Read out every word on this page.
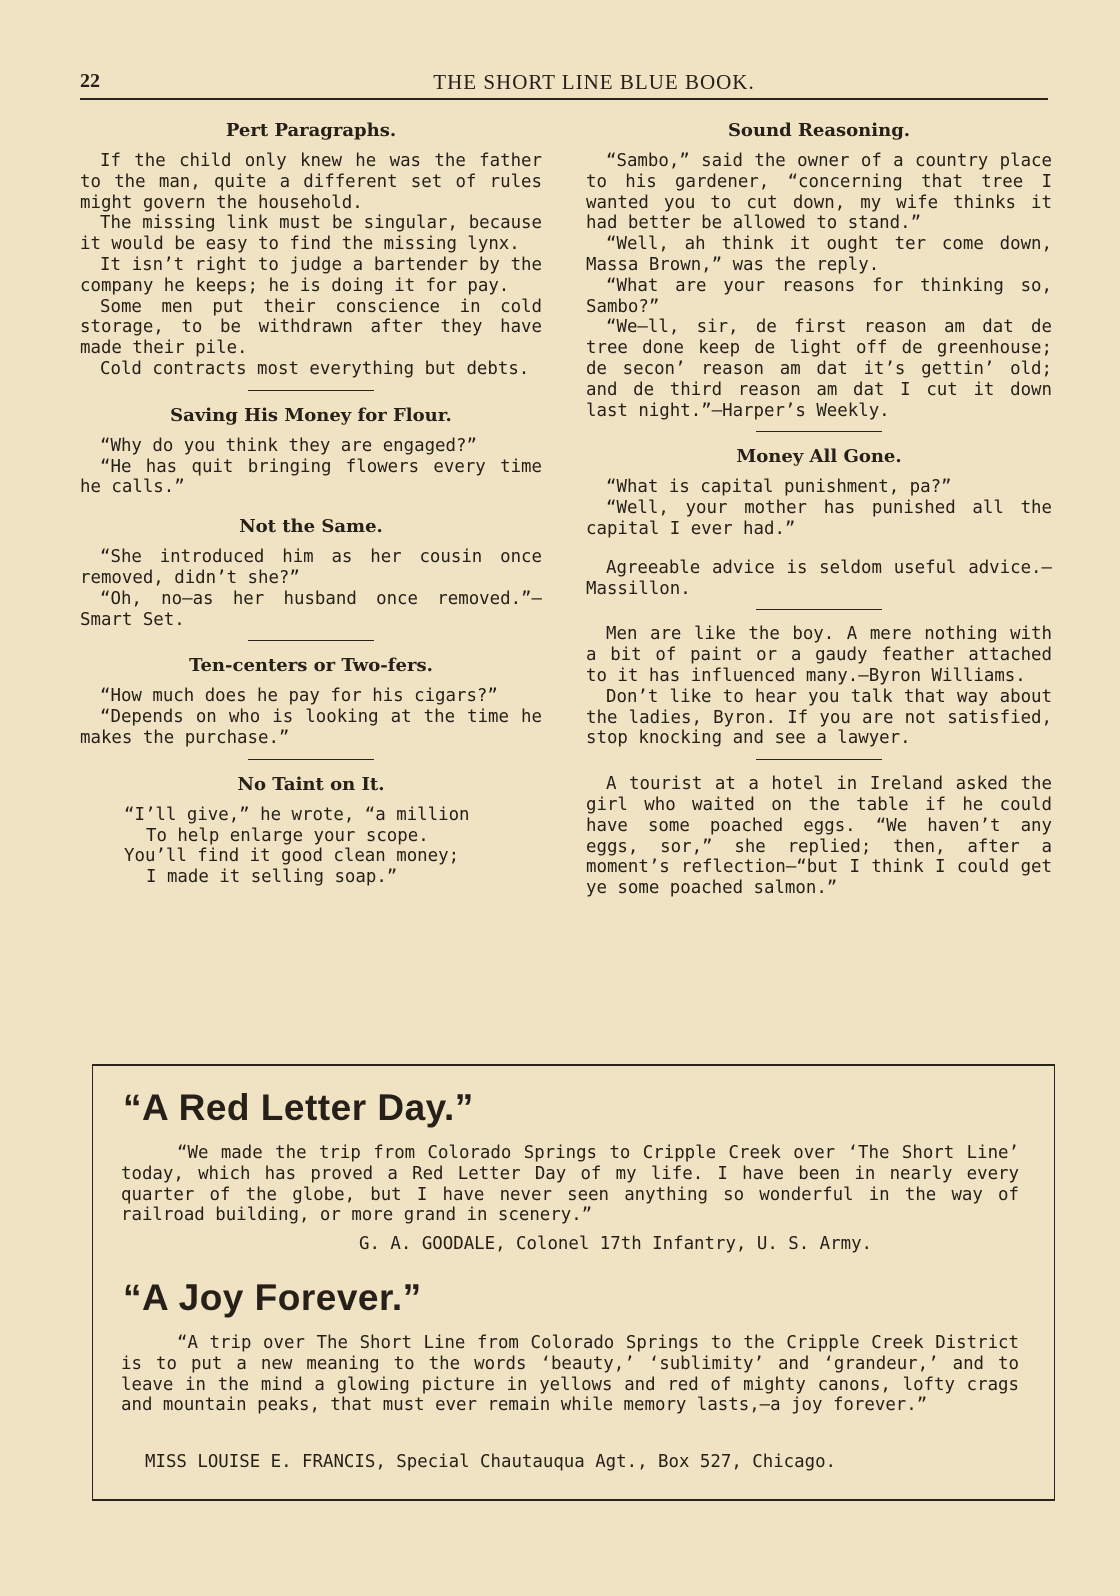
22	THE SHORT LINE BLUE BOOK.
Pert Paragraphs.

If the child only knew he was the father to the man, quite a different set of rules might govern the household.

The missing link must be singular, because it would be easy to find the missing lynx.

It isn’t right to judge a bartender by the company he keeps; he is doing it for pay.

Some men put their conscience in cold storage, to be withdrawn after they have made their pile.

Cold contracts most everything but debts.

Saving His Money for Flour.

“Why do you think they are engaged?”

“He has quit bringing flowers every time he calls.”

Not the Same.

“She introduced him as her cousin once removed, didn’t she?”

“Oh, no—as her husband once removed.”—Smart Set.

Ten-centers or Two-fers.

“How much does he pay for his cigars?”

“Depends on who is looking at the time he makes the purchase.”

No Taint on It.

“I’ll give,” he wrote, “a million
To help enlarge your scope.
You’ll find it good clean money;
I made it selling soap.”

Sound Reasoning.

“Sambo,” said the owner of a country place to his gardener, “concerning that tree I wanted you to cut down, my wife thinks it had better be allowed to stand.”

“Well, ah think it ought ter come down, Massa Brown,” was the reply.

“What are your reasons for thinking so, Sambo?”

“We—ll, sir, de first reason am dat de tree done keep de light off de greenhouse; de secon’ reason am dat it’s gettin’ old; and de third reason am dat I cut it down last night.”—Harper’s Weekly.

Money All Gone.

“What is capital punishment, pa?”

“Well, your mother has punished all the capital I ever had.”

Agreeable advice is seldom useful advice.—Massillon.

Men are like the boy. A mere nothing with a bit of paint or a gaudy feather attached to it has influenced many.—Byron Williams.

Don’t like to hear you talk that way about the ladies, Byron. If you are not satisfied, stop knocking and see a lawyer.

A tourist at a hotel in Ireland asked the girl who waited on the table if he could have some poached eggs. “We haven’t any eggs, sor,” she replied; then, after a moment’s reflection—“but I think I could get ye some poached salmon.”

“A Red Letter Day.”

“We made the trip from Colorado Springs to Cripple Creek over ‘The Short Line’ today, which has proved a Red Letter Day of my life. I have been in nearly every quarter of the globe, but I have never seen anything so wonderful in the way of railroad building, or more grand in scenery.”

G. A. GOODALE, Colonel 17th Infantry, U. S. Army.
“A Joy Forever.”

“A trip over The Short Line from Colorado Springs to the Cripple Creek District is to put a new meaning to the words ‘beauty,’ ‘sublimity’ and ‘grandeur,’ and to leave in the mind a glowing picture in yellows and red of mighty canons, lofty crags and mountain peaks, that must ever remain while memory lasts,—a joy forever.”

MISS LOUISE E. FRANCIS, Special Chautauqua Agt., Box 527, Chicago.
